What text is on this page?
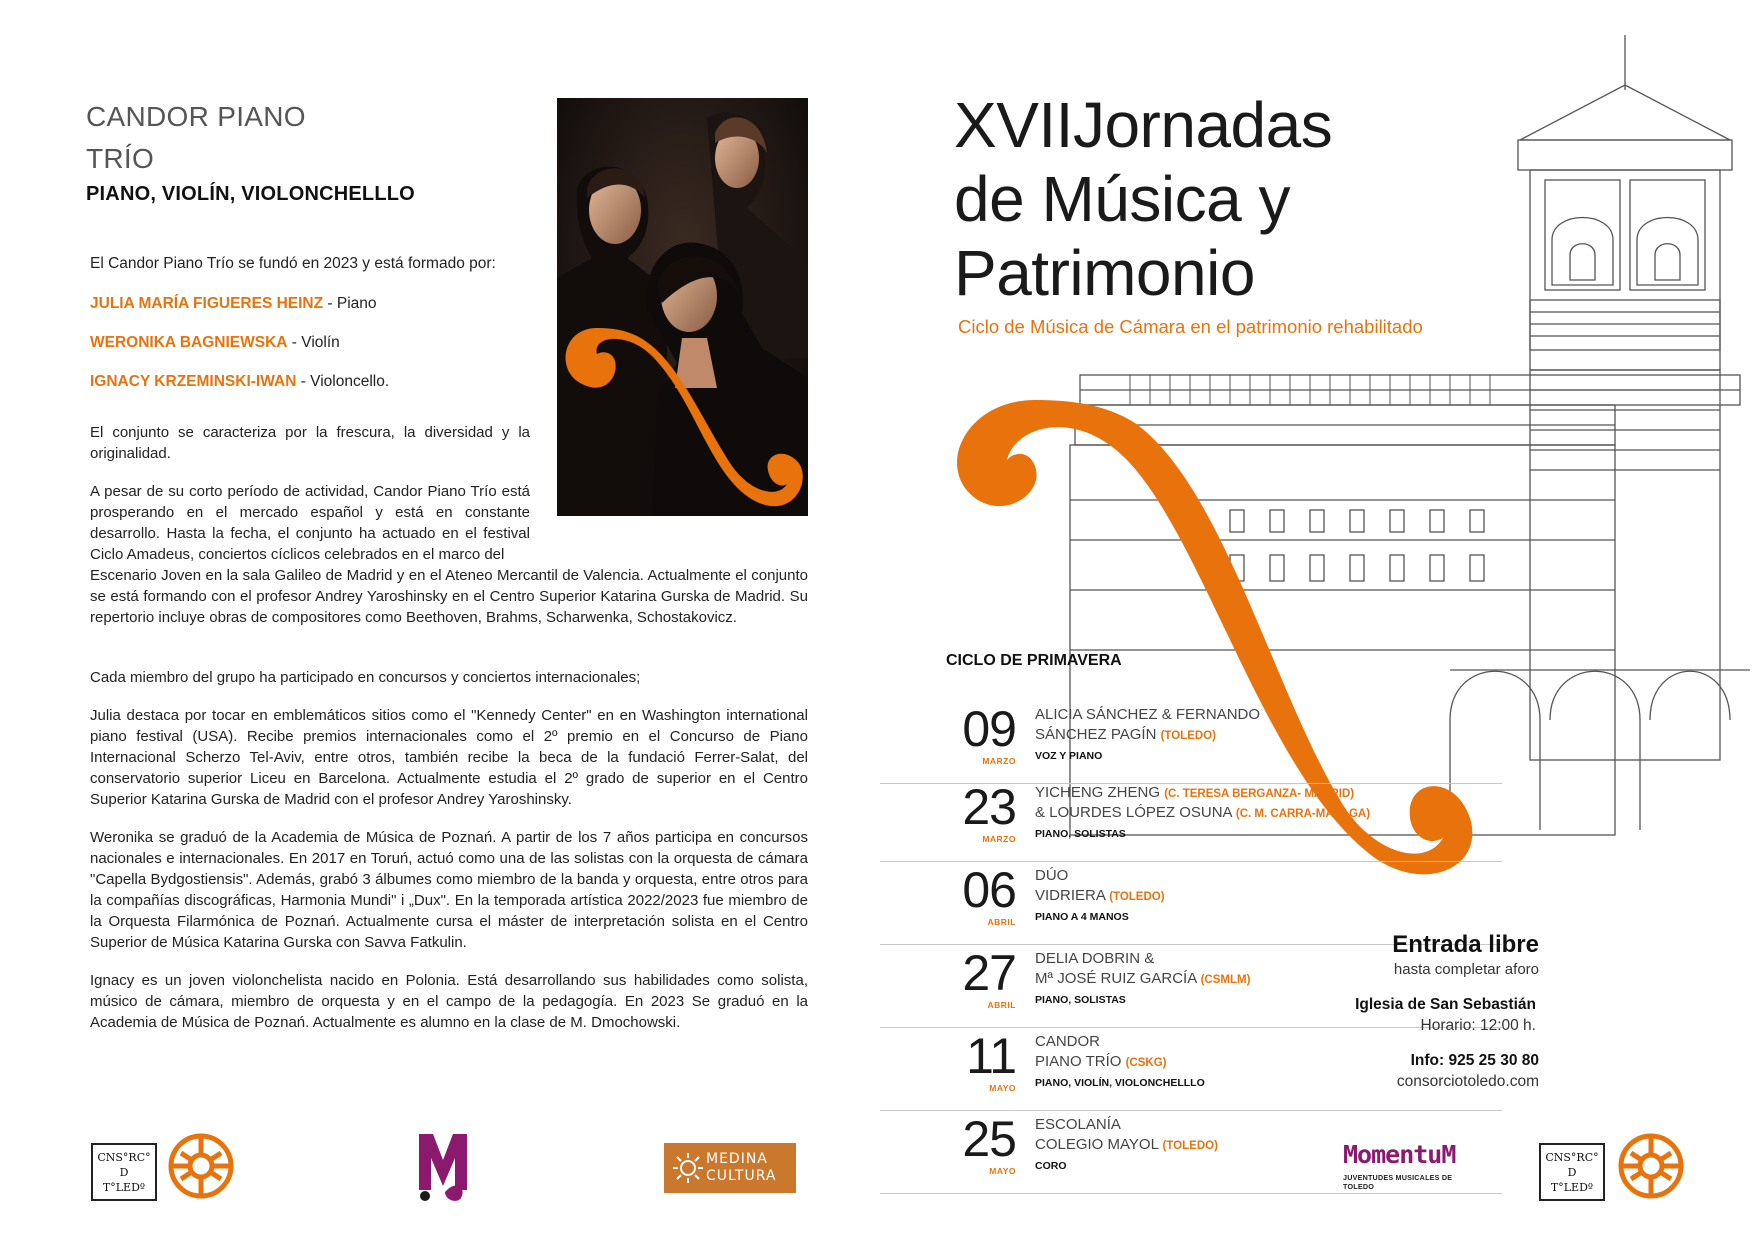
CANDOR PIANO
TRÍO
PIANO, VIOLÍN, VIOLONCHELLLO
El Candor Piano Trío se fundó en 2023 y está formado por:
JULIA MARÍA FIGUERES HEINZ - Piano
WERONIKA BAGNIEWSKA - Violín
IGNACY KRZEMINSKI-IWAN - Violoncello.
El conjunto se caracteriza por la frescura, la diversidad y la originalidad.
A pesar de su corto período de actividad, Candor Piano Trío está prosperando en el mercado español y está en constante desarrollo. Hasta la fecha, el conjunto ha actuado en el festival Ciclo Amadeus, conciertos cíclicos celebrados en el marco del
Escenario Joven en la sala Galileo de Madrid y en el Ateneo Mercantil de Valencia. Actualmente el conjunto se está formando con el profesor Andrey Yaroshinsky en el Centro Superior Katarina Gurska de Madrid. Su repertorio incluye obras de compositores como Beethoven, Brahms, Scharwenka, Schostakovicz.
Cada miembro del grupo ha participado en concursos y conciertos internacionales;
Julia destaca por tocar en emblemáticos sitios como el "Kennedy Center" en en Washington international piano festival (USA). Recibe premios internacionales como el 2º premio en el Concurso de Piano Internacional Scherzo Tel-Aviv, entre otros, también recibe la beca de la fundació Ferrer-Salat, del conservatorio superior Liceu en Barcelona. Actualmente estudia el 2º grado de superior en el Centro Superior Katarina Gurska de Madrid con el profesor Andrey Yaroshinsky.
Weronika se graduó de la Academia de Música de Poznań. A partir de los 7 años participa en concursos nacionales e internacionales. En 2017 en Toruń, actuó como una de las solistas con la orquesta de cámara "Capella Bydgostiensis". Además, grabó 3 álbumes como miembro de la banda y orquesta, entre otros para la compañías discográficas, Harmonia Mundi" i „Dux". En la temporada artística 2022/2023 fue miembro de la Orquesta Filarmónica de Poznań. Actualmente cursa el máster de interpretación solista en el Centro Superior de Música Katarina Gurska con Savva Fatkulin.
Ignacy es un joven violonchelista nacido en Polonia. Está desarrollando sus habilidades como solista, músico de cámara, miembro de orquesta y en el campo de la pedagogía. En 2023 Se graduó en la Academia de Música de Poznań. Actualmente es alumno en la clase de M. Dmochowski.
CNS°RC°
D
T°LEDº
MEDINA
CULTURA
XVIIJornadas
de Música y
Patrimonio
Ciclo de Música de Cámara en el patrimonio rehabilitado
CICLO DE PRIMAVERA
09
MARZO
ALICIA SÁNCHEZ & FERNANDO
SÁNCHEZ PAGÍN (TOLEDO)
VOZ Y PIANO
23
MARZO
YICHENG ZHENG (C. TERESA BERGANZA- MADRID)
& LOURDES LÓPEZ OSUNA (C. M. CARRA-MÁLAGA)
PIANO, SOLISTAS
06
ABRIL
DÚO
VIDRIERA (TOLEDO)
PIANO A 4 MANOS
27
ABRIL
DELIA DOBRIN &
Mª JOSÉ RUIZ GARCÍA (CSMLM)
PIANO, SOLISTAS
11
MAYO
CANDOR
PIANO TRÍO (CSKG)
PIANO, VIOLÍN, VIOLONCHELLLO
25
MAYO
ESCOLANÍA
COLEGIO MAYOL (TOLEDO)
CORO
Entrada libre
hasta completar aforo
Iglesia de San Sebastián
Horario: 12:00 h.
Info: 925 25 30 80
consorciotoledo.com
MomentuM
JUVENTUDES MUSICALES DE TOLEDO
CNS°RC°
D
T°LEDº
